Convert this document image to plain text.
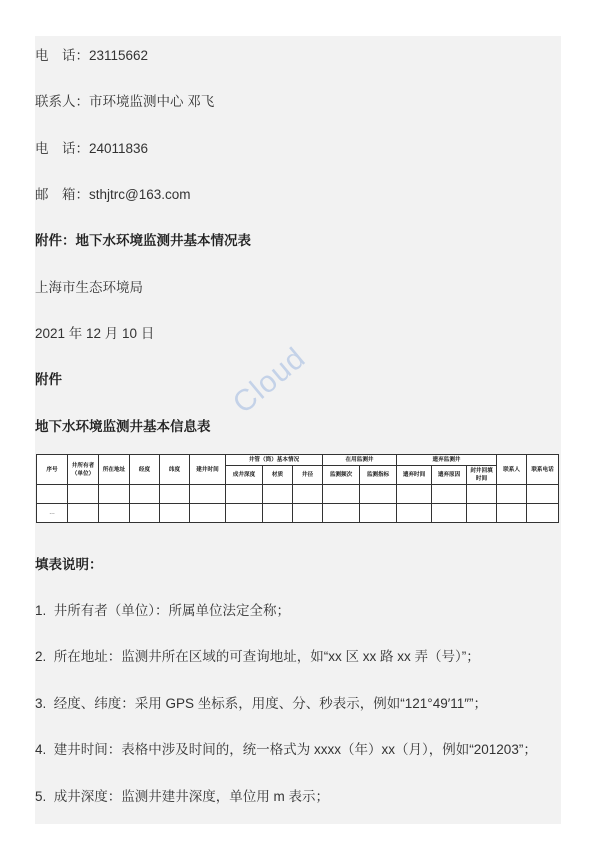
电　话：23115662
联系人：市环境监测中心 邓飞
电　话：24011836
邮　箱：sthjtrc@163.com
附件：地下水环境监测井基本情况表
上海市生态环境局
2021 年 12 月 10 日
附件
地下水环境监测井基本信息表
序号	井所有者（单位）	所在地址	经度	纬度	建井时间	井管（筒）基本情况			在用监测井		遗弃监测井			联系人	联系电话
						成井深度	材质	井径	监测频次	监测指标	遗弃时间	遗弃原因	封井回填时间		

…															
填表说明：
1. 井所有者（单位）：所属单位法定全称；
2. 所在地址：监测井所在区域的可查询地址，如“xx 区 xx 路 xx 弄（号）”；
3. 经度、纬度：采用 GPS 坐标系，用度、分、秒表示，例如“121°49′11″”；
4. 建井时间：表格中涉及时间的，统一格式为 xxxx（年）xx（月），例如“201203”；
5. 成井深度：监测井建井深度，单位用 m 表示；
Cloud
